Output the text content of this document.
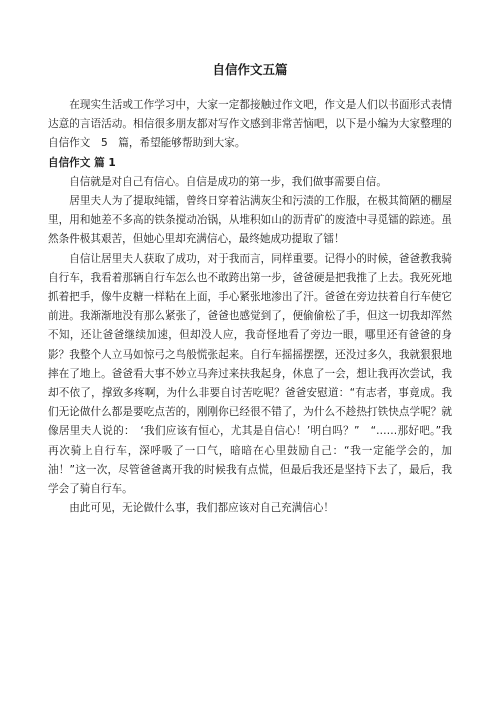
自信作文五篇

在现实生活或工作学习中，大家一定都接触过作文吧，作文是人们以书面形式表情达意的言语活动。相信很多朋友都对写作文感到非常苦恼吧，以下是小编为大家整理的自信作文　5　篇，希望能够帮助到大家。

自信作文 篇 1

自信就是对自己有信心。自信是成功的第一步，我们做事需要自信。

居里夫人为了提取纯镭，曾终日穿着沾满灰尘和污渍的工作服，在极其简陋的棚屋里，用和她差不多高的铁条搅动冶锅，从堆积如山的沥青矿的废渣中寻觅镭的踪迹。虽然条件极其艰苦，但她心里却充满信心，最终她成功提取了镭！

自信让居里夫人获取了成功，对于我而言，同样重要。记得小的时候，爸爸教我骑自行车，我看着那辆自行车怎么也不敢跨出第一步，爸爸硬是把我推了上去。我死死地抓着把手，像牛皮糖一样粘在上面，手心紧张地渗出了汗。爸爸在旁边扶着自行车使它前进。我渐渐地没有那么紧张了，爸爸也感觉到了，便偷偷松了手，但这一切我却浑然不知，还让爸爸继续加速，但却没人应，我奇怪地看了旁边一眼，哪里还有爸爸的身影？我整个人立马如惊弓之鸟般慌张起来。自行车摇摇摆摆，还没过多久，我就狠狠地摔在了地上。爸爸看大事不妙立马奔过来扶我起身，休息了一会，想让我再次尝试，我却不依了，撑致多疼啊，为什么非要自讨苦吃呢？爸爸安慰道：“有志者，事竟成。我们无论做什么都是要吃点苦的，刚刚你已经很不错了，为什么不趁热打铁快点学呢？就像居里夫人说的：　‘我们应该有恒心，尤其是自信心！’明白吗？”　“……那好吧。”我再次骑上自行车，深呼吸了一口气，暗暗在心里鼓励自己：“我一定能学会的，加油！”这一次，尽管爸爸离开我的时候我有点慌，但最后我还是坚持下去了，最后，我学会了骑自行车。

由此可见，无论做什么事，我们都应该对自己充满信心！
